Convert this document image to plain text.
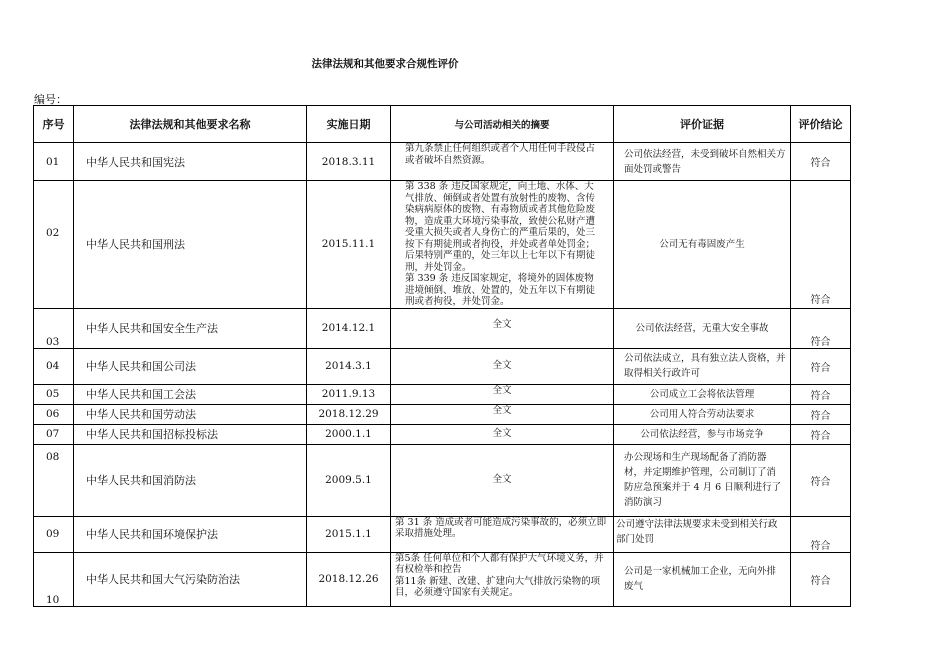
法律法规和其他要求合规性评价
编号：
序号	法律法规和其他要求名称	实施日期	与公司活动相关的摘要	评价证据	评价结论
01	中华人民共和国宪法	2018.3.11	第九条禁止任何组织或者个人用任何手段侵占或者破坏自然资源。	公司依法经营，未受到破坏自然相关方面处罚或警告	符合
02	中华人民共和国刑法	2015.11.1	第 338 条 违反国家规定，向土地、水体、大气排放、倾倒或者处置有放射性的废物、含传染病病原体的废物、有毒物质或者其他危险废物，造成重大环境污染事故，致使公私财产遭受重大损失或者人身伤亡的严重后果的，处三按下有期徒刑或者拘役，并处或者单处罚金；后果特别严重的，处三年以上七年以下有期徒刑，并处罚金。
第 339 条 违反国家规定，将境外的固体废物进境倾倒、堆放、处置的，处五年以下有期徒刑或者拘役，并处罚金。	公司无有毒固废产生	符合
03	中华人民共和国安全生产法	2014.12.1	全文	公司依法经营，无重大安全事故	符合
04	中华人民共和国公司法	2014.3.1	全文	公司依法成立，具有独立法人资格，并取得相关行政许可	符合
05	中华人民共和国工会法	2011.9.13	全文	公司成立工会将依法管理	符合
06	中华人民共和国劳动法	2018.12.29	全文	公司用人符合劳动法要求	符合
07	中华人民共和国招标投标法	2000.1.1	全文	公司依法经营，参与市场竞争	符合
08	中华人民共和国消防法	2009.5.1	全文	办公现场和生产现场配备了消防器材，并定期维护管理，公司制订了消防应急预案并于 4 月 6 日顺利进行了消防演习	符合
09	中华人民共和国环境保护法	2015.1.1	第 31 条 造成或者可能造成污染事故的，必须立即采取措施处理。	公司遵守法律法规要求未受到相关行政部门处罚	符合
10	中华人民共和国大气污染防治法	2018.12.26	第5条 任何单位和个人都有保护大气环境义务，并有权检举和控告
第11条 新建、改建、扩建向大气排放污染物的项目，必须遵守国家有关规定。	公司是一家机械加工企业，无向外排废气	符合
